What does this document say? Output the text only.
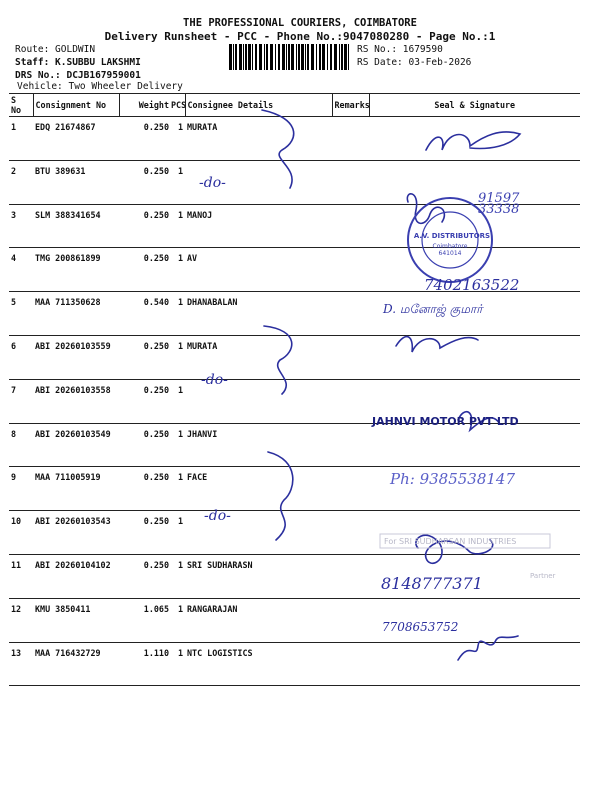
THE PROFESSIONAL COURIERS, COIMBATORE
Delivery Runsheet - PCC - Phone No.:9047080280 - Page No.:1
Route: GOLDWIN
Staff: K.SUBBU LAKSHMI
DRS No.: DCJB167959001
Vehicle: Two Wheeler Delivery
RS No.: 1679590
RS Date: 03-Feb-2026
S No	Consignment No	Weight	PCS	Consignee Details	Remarks	Seal & Signature
1	EDQ 21674867	0.250	1	MURATA		
2	BTU 389631	0.250	1			
3	SLM 388341654	0.250	1	MANOJ		
4	TMG 200861899	0.250	1	AV		
5	MAA 711350628	0.540	1	DHANABALAN		
6	ABI 20260103559	0.250	1	MURATA		
7	ABI 20260103558	0.250	1			
8	ABI 20260103549	0.250	1	JHANVI		
9	MAA 711005919	0.250	1	FACE		
10	ABI 20260103543	0.250	1			
11	ABI 20260104102	0.250	1	SRI SUDHARASN		
12	KMU 3850411	1.065	1	RANGARAJAN		
13	MAA 716432729	1.110	1	NTC LOGISTICS		
-do-
-do-
-do-
91597 33338
7402163522
D. மனோஜ் குமார்
JAHNVI MOTOR PVT LTD
Ph: 9385538147
8148777371
7708653752
A.V. DISTRIBUTORS
Coimbatore 641014
For SRI SUDHARSAN INDUSTRIES
Partner
